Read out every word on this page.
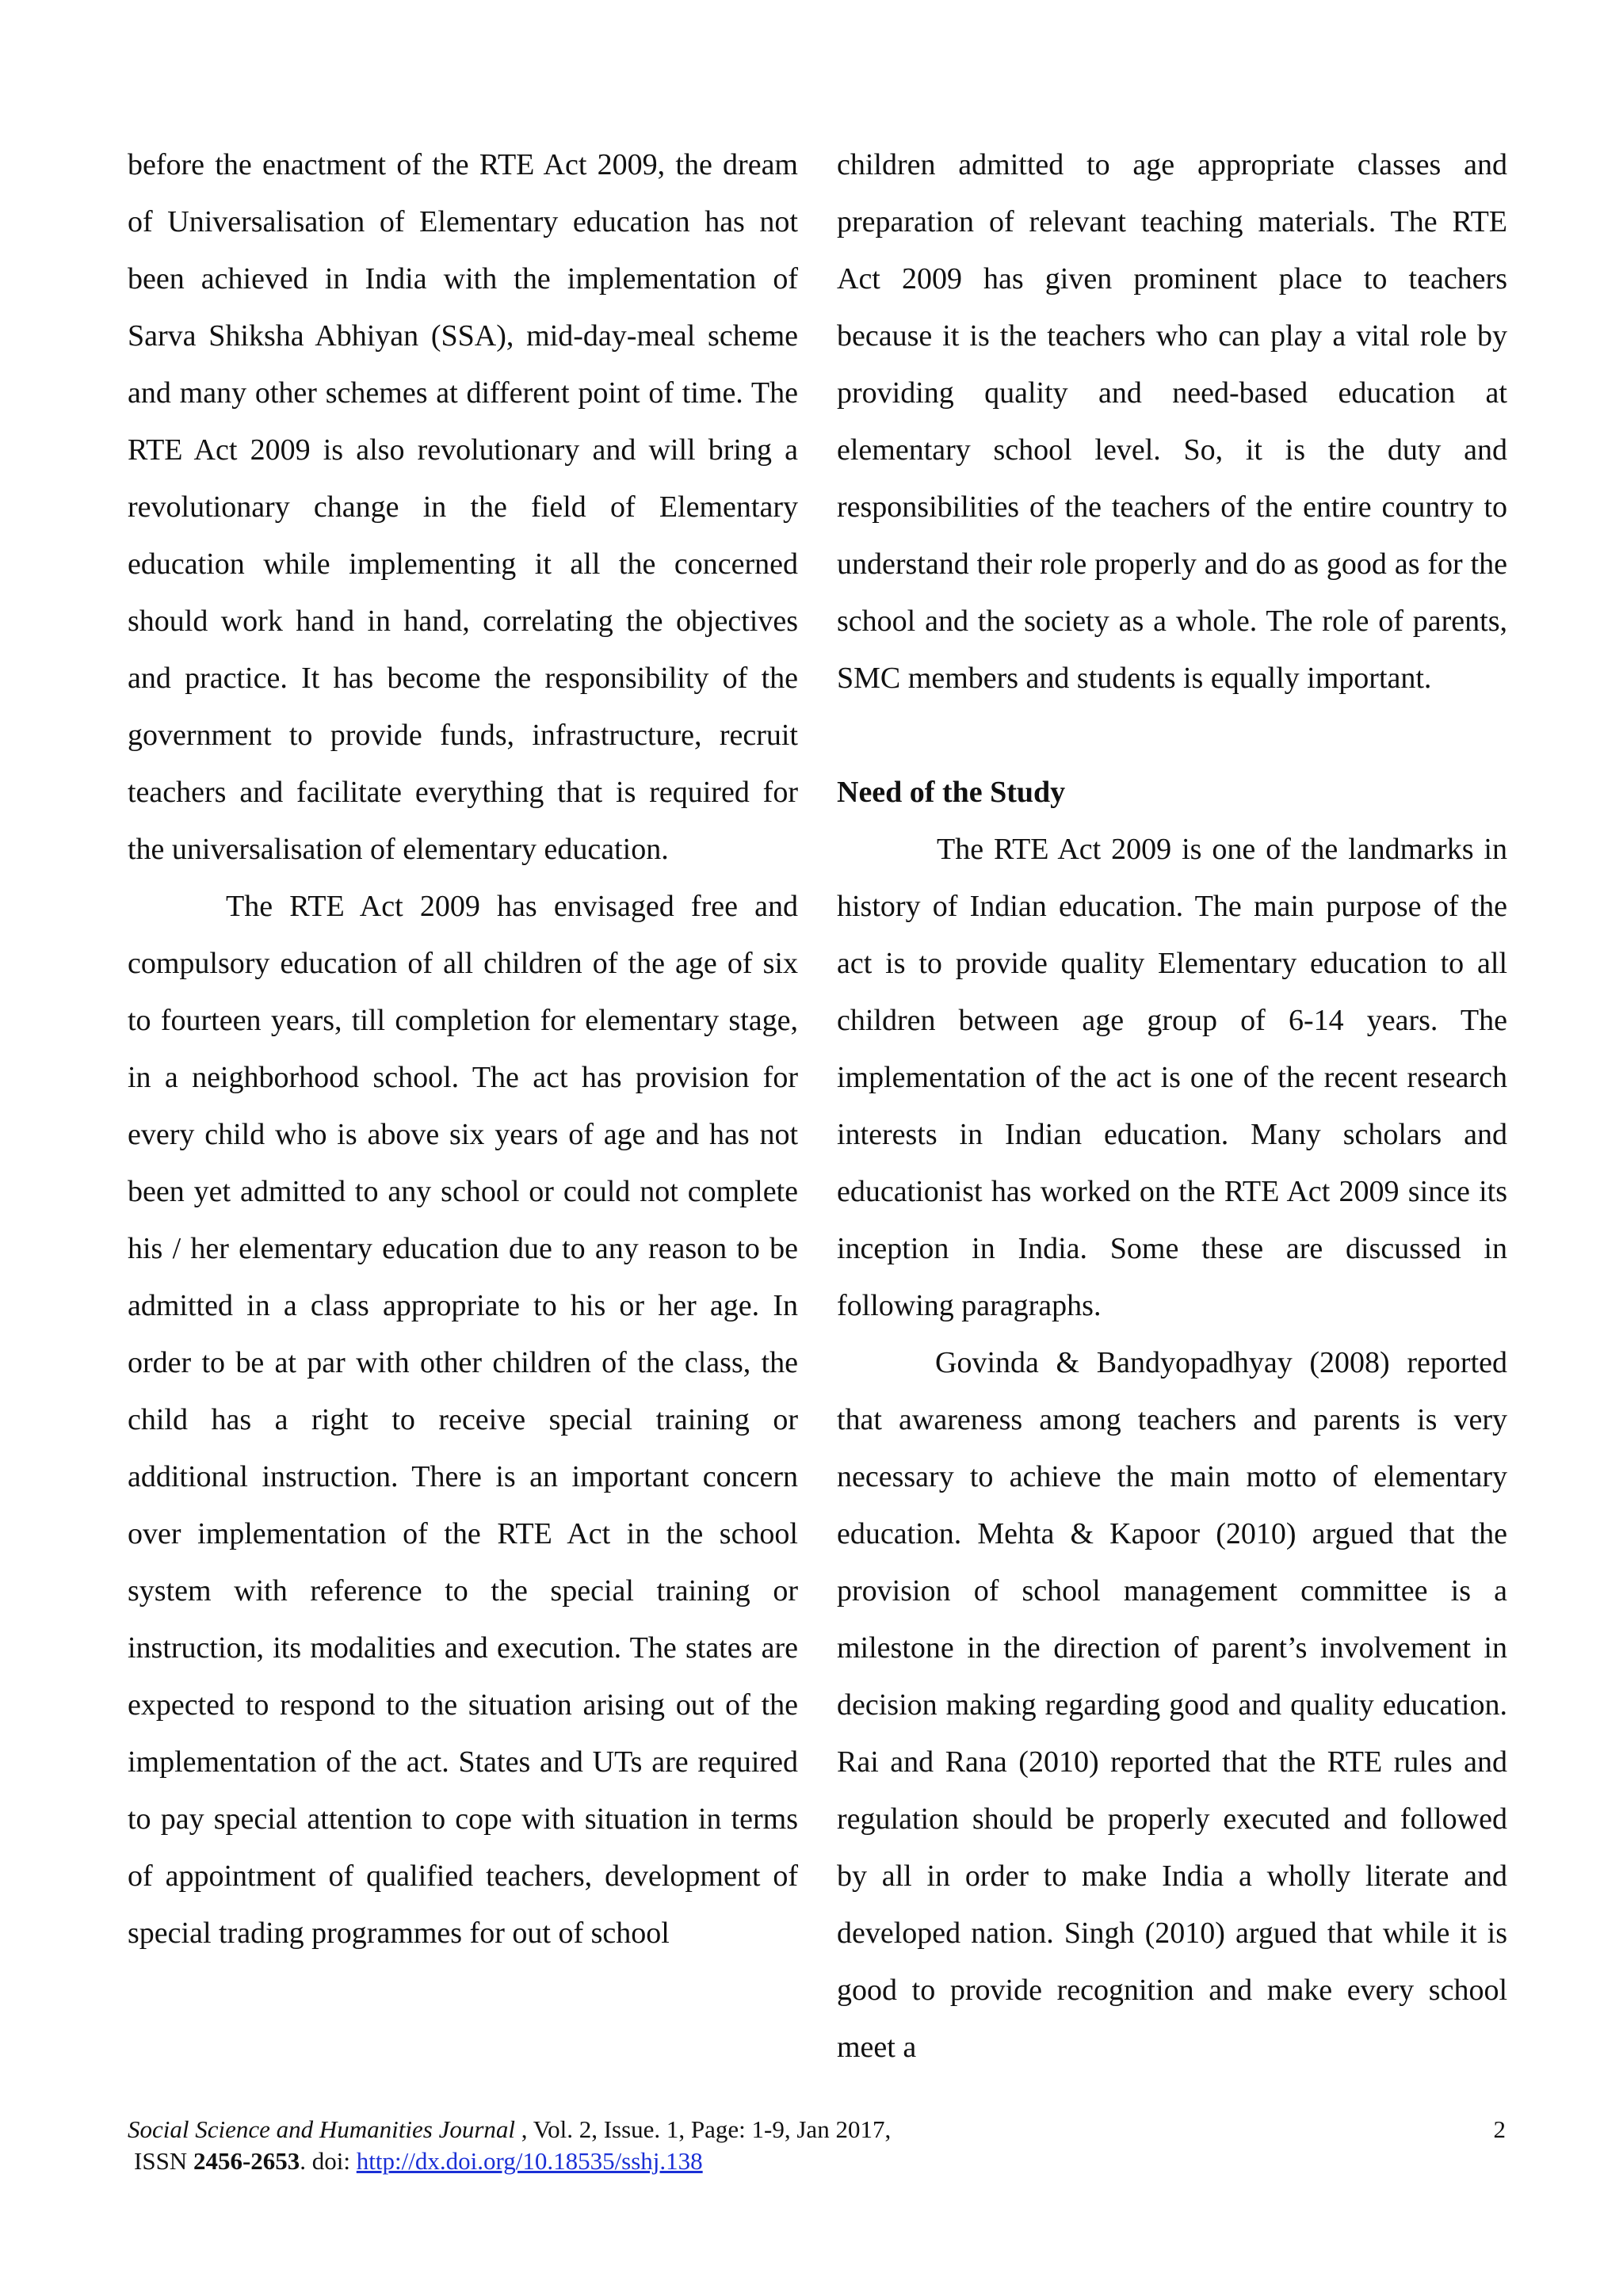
before the enactment of the RTE Act 2009, the dream of Universalisation of Elementary education has not been achieved in India with the implementation of Sarva Shiksha Abhiyan (SSA), mid-day-meal scheme and many other schemes at different point of time. The RTE Act 2009 is also revolutionary and will bring a revolutionary change in the field of Elementary education while implementing it all the concerned should work hand in hand, correlating the objectives and practice. It has become the responsibility of the government to provide funds, infrastructure, recruit teachers and facilitate everything that is required for the universalisation of elementary education.

The RTE Act 2009 has envisaged free and compulsory education of all children of the age of six to fourteen years, till completion for elementary stage, in a neighborhood school. The act has provision for every child who is above six years of age and has not been yet admitted to any school or could not complete his / her elementary education due to any reason to be admitted in a class appropriate to his or her age. In order to be at par with other children of the class, the child has a right to receive special training or additional instruction. There is an important concern over implementation of the RTE Act in the school system with reference to the special training or instruction, its modalities and execution. The states are expected to respond to the situation arising out of the implementation of the act. States and UTs are required to pay special attention to cope with situation in terms of appointment of qualified teachers, development of special trading programmes for out of school

children admitted to age appropriate classes and preparation of relevant teaching materials. The RTE Act 2009 has given prominent place to teachers because it is the teachers who can play a vital role by providing quality and need-based education at elementary school level. So, it is the duty and responsibilities of the teachers of the entire country to understand their role properly and do as good as for the school and the society as a whole. The role of parents, SMC members and students is equally important.

Need of the Study

The RTE Act 2009 is one of the landmarks in history of Indian education. The main purpose of the act is to provide quality Elementary education to all children between age group of 6-14 years. The implementation of the act is one of the recent research interests in Indian education. Many scholars and educationist has worked on the RTE Act 2009 since its inception in India. Some these are discussed in following paragraphs.

Govinda & Bandyopadhyay (2008) reported that awareness among teachers and parents is very necessary to achieve the main motto of elementary education. Mehta & Kapoor (2010) argued that the provision of school management committee is a milestone in the direction of parent’s involvement in decision making regarding good and quality education. Rai and Rana (2010) reported that the RTE rules and regulation should be properly executed and followed by all in order to make India a wholly literate and developed nation. Singh (2010) argued that while it is good to provide recognition and make every school meet a

Social Science and Humanities Journal , Vol. 2, Issue. 1, Page: 1-9, Jan 2017,
ISSN 2456-2653. doi: http://dx.doi.org/10.18535/sshj.138
2
